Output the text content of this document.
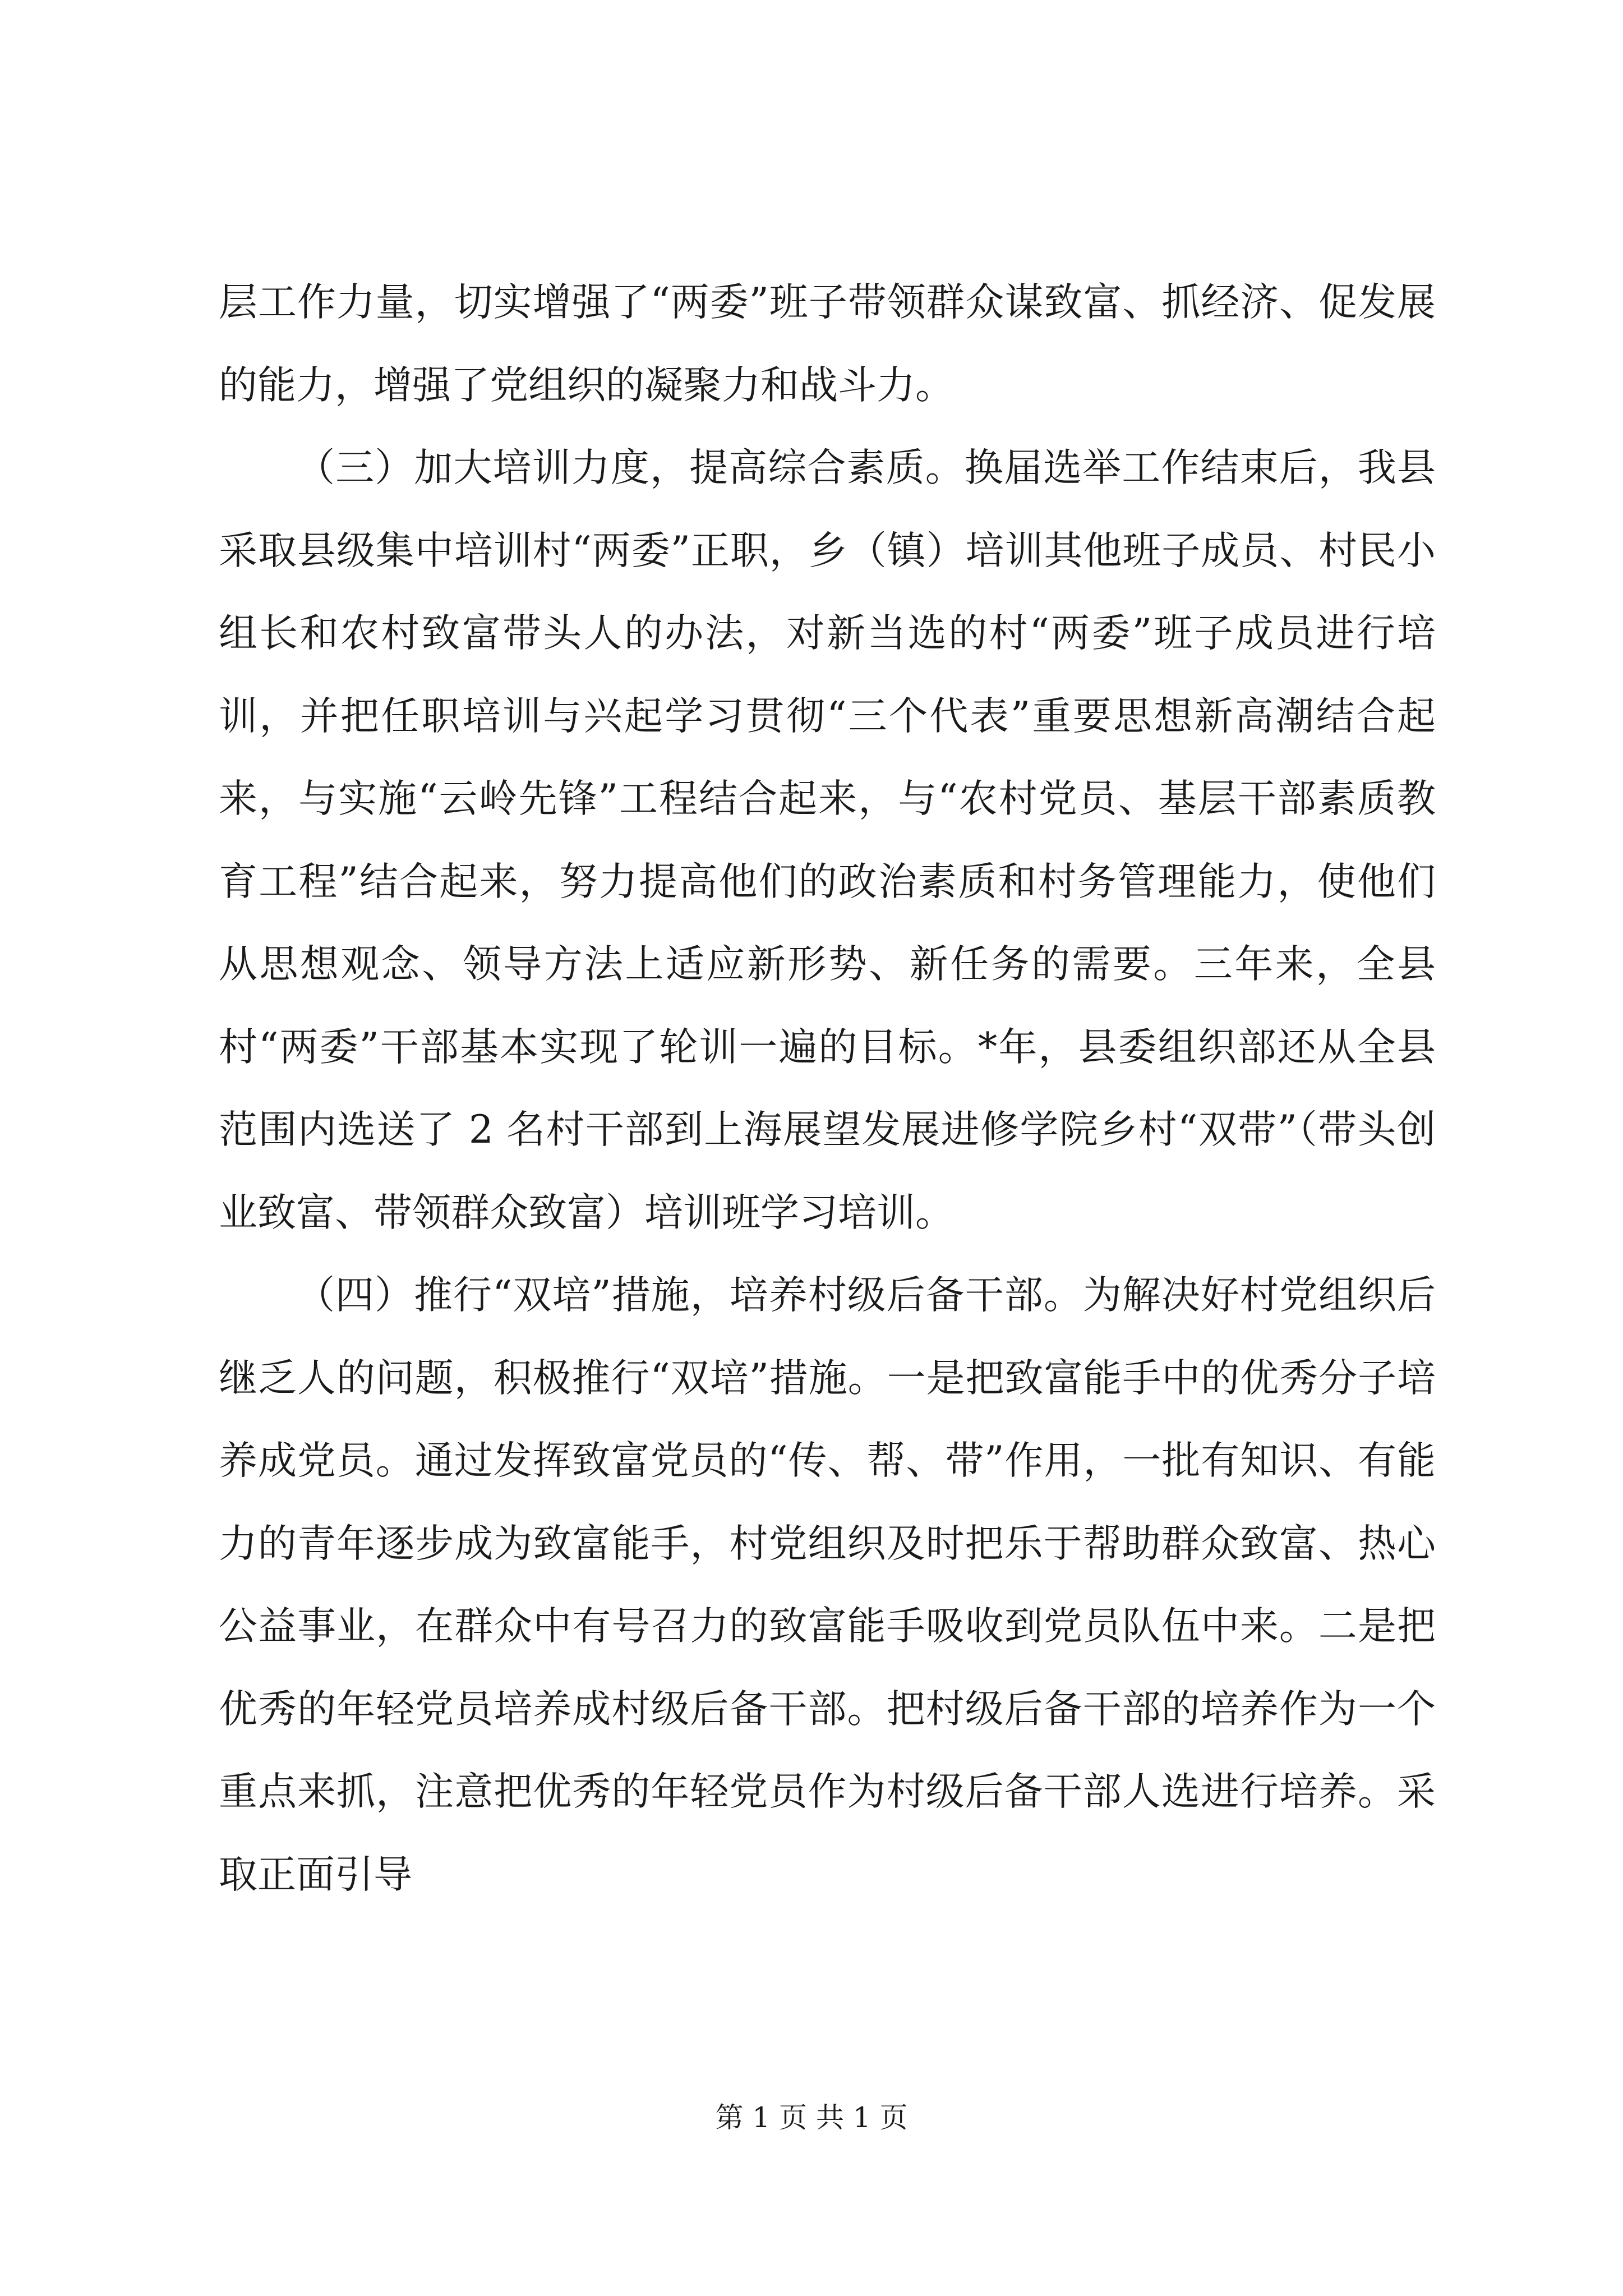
层工作力量，切实增强了“两委”班子带领群众谋致富、抓经济、促发展的能力，增强了党组织的凝聚力和战斗力。

（三）加大培训力度，提高综合素质。换届选举工作结束后，我县采取县级集中培训村“两委”正职，乡（镇）培训其他班子成员、村民小组长和农村致富带头人的办法，对新当选的村“两委”班子成员进行培训，并把任职培训与兴起学习贯彻“三个代表”重要思想新高潮结合起来，与实施“云岭先锋”工程结合起来，与“农村党员、基层干部素质教育工程”结合起来，努力提高他们的政治素质和村务管理能力，使他们从思想观念、领导方法上适应新形势、新任务的需要。三年来，全县村“两委”干部基本实现了轮训一遍的目标。*年，县委组织部还从全县范围内选送了 2 名村干部到上海展望发展进修学院乡村“双带”（带头创业致富、带领群众致富）培训班学习培训。

（四）推行“双培”措施，培养村级后备干部。为解决好村党组织后继乏人的问题，积极推行“双培”措施。一是把致富能手中的优秀分子培养成党员。通过发挥致富党员的“传、帮、带”作用，一批有知识、有能力的青年逐步成为致富能手，村党组织及时把乐于帮助群众致富、热心公益事业，在群众中有号召力的致富能手吸收到党员队伍中来。二是把优秀的年轻党员培养成村级后备干部。把村级后备干部的培养作为一个重点来抓，注意把优秀的年轻党员作为村级后备干部人选进行培养。采取正面引导

第 1 页 共 1 页
